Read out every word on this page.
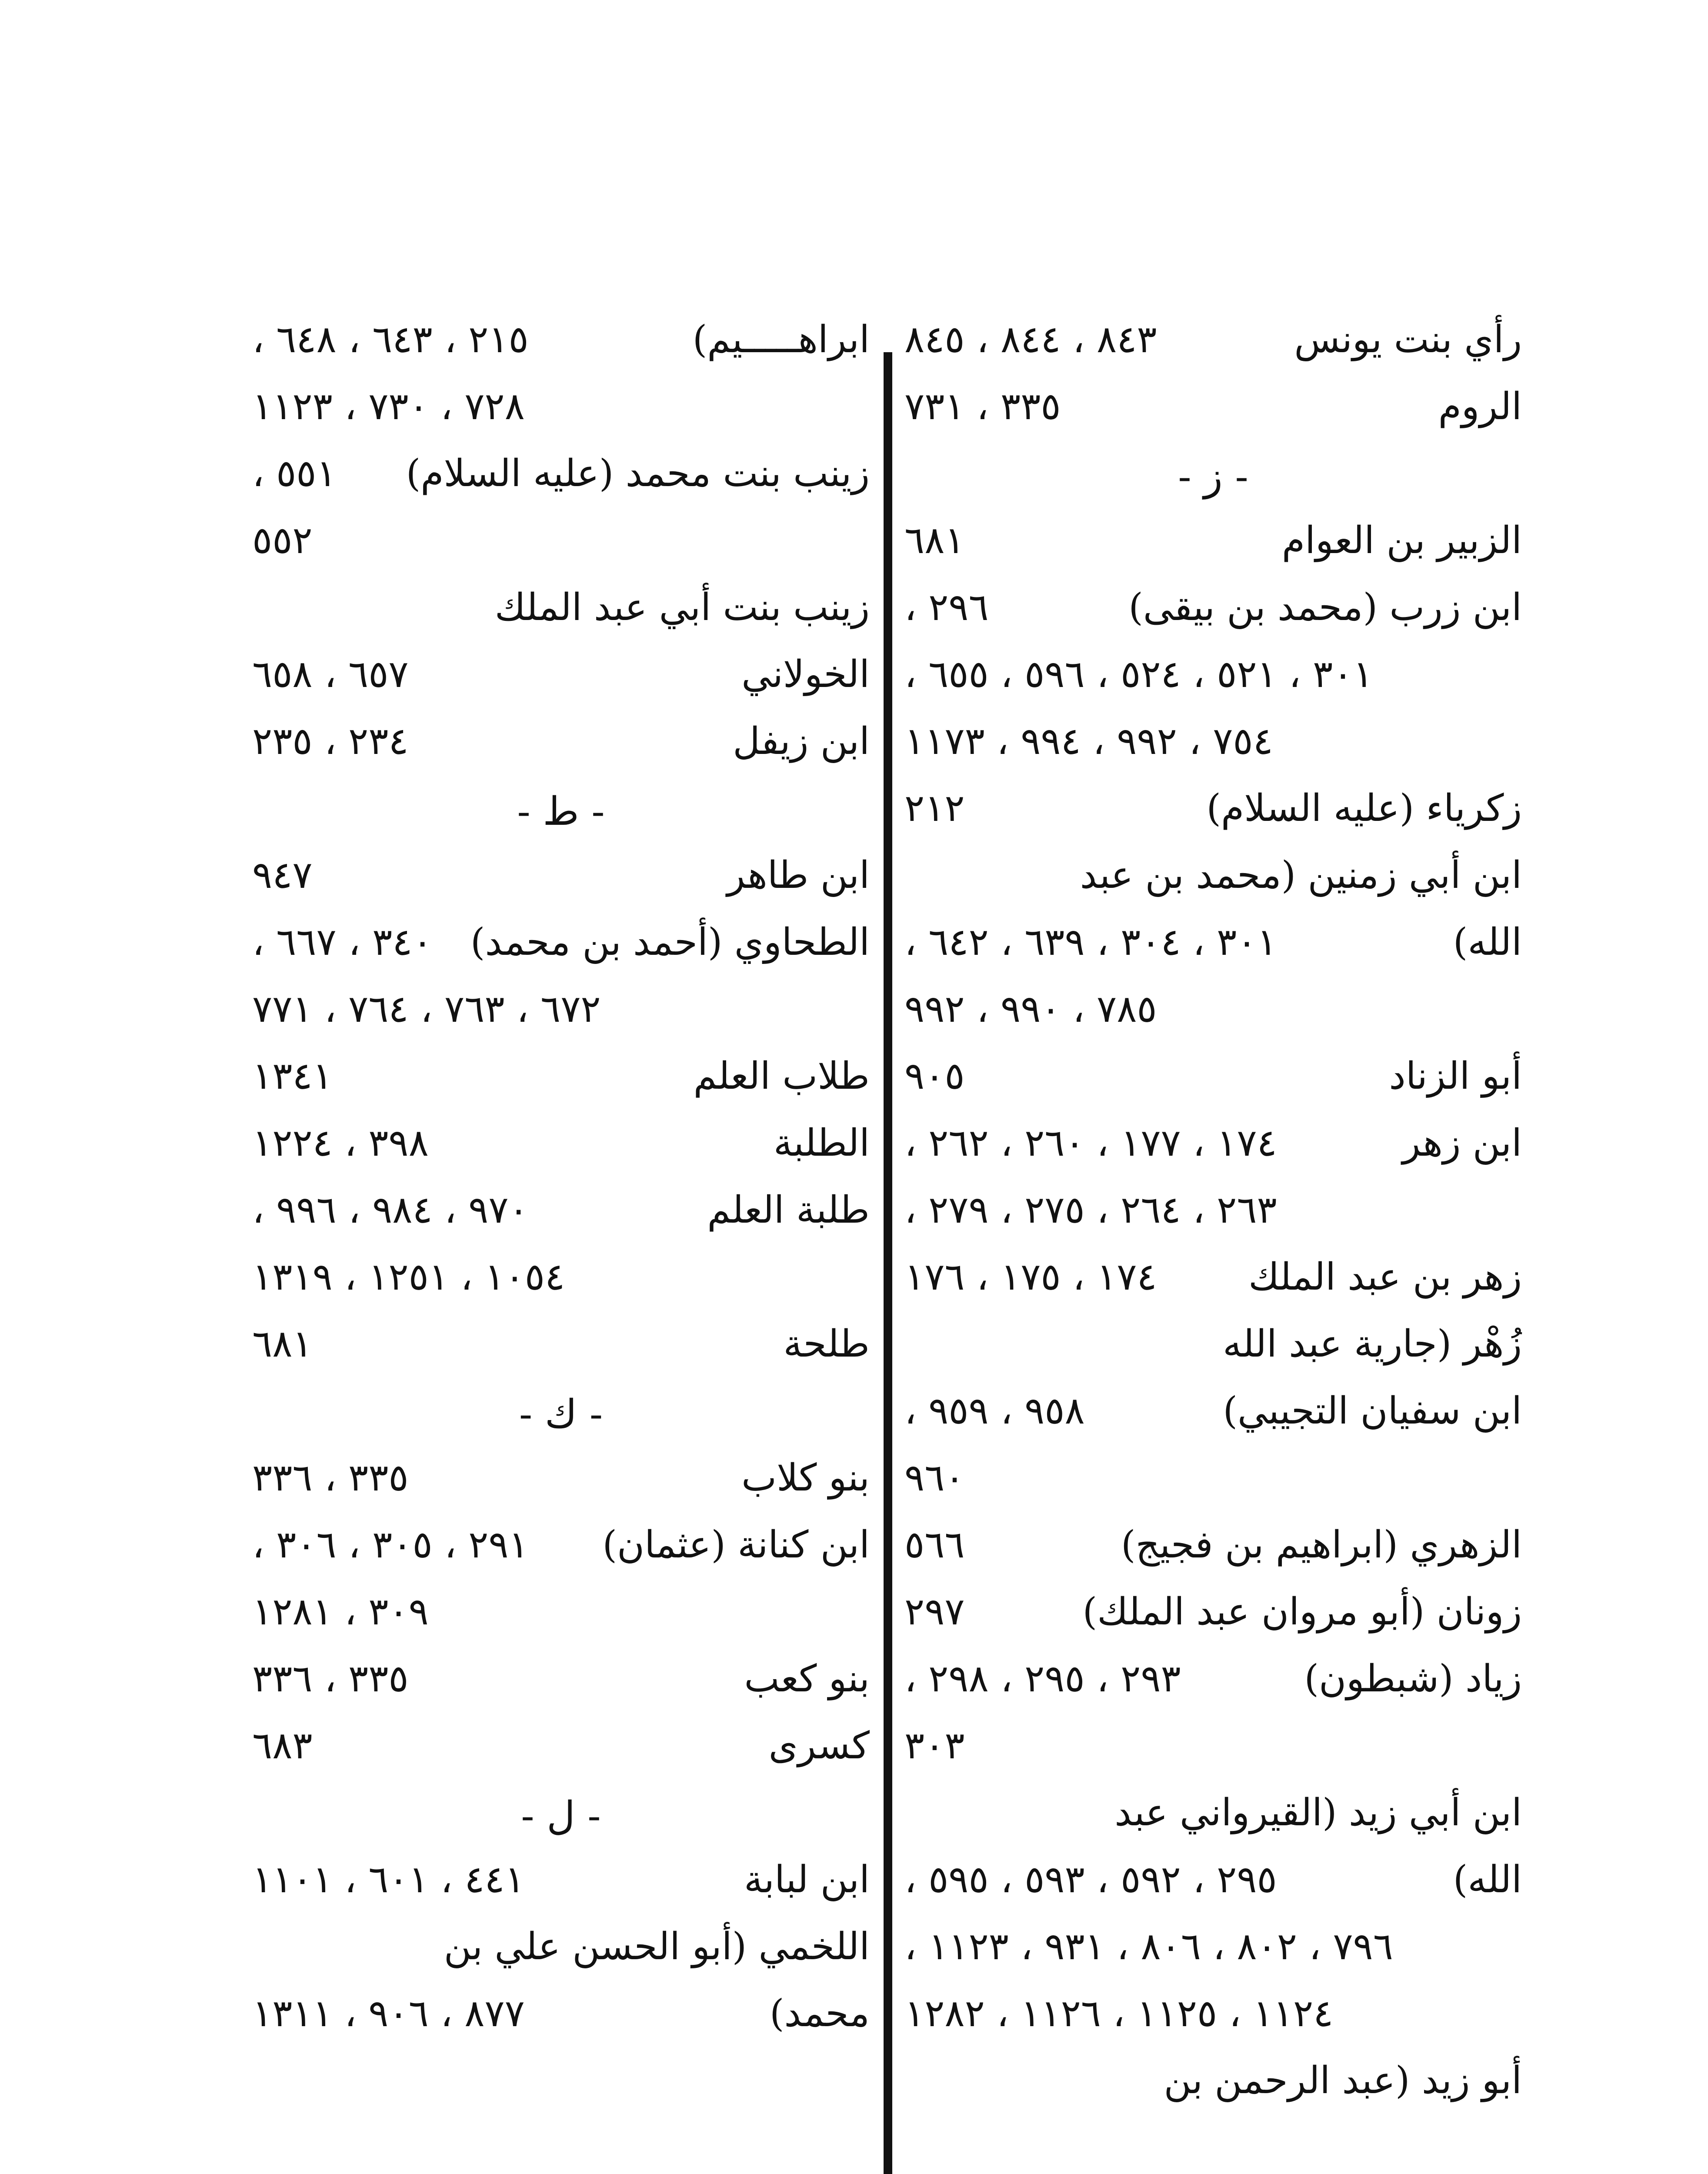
رأي بنت يونس
٨٤٣ ، ٨٤٤ ، ٨٤٥
الروم
٣٣٥ ، ٧٣١
- ز -
الزبير بن العوام
٦٨١
ابن زرب (محمد بن بيقى)
٢٩٦ ،
٣٠١ ، ٥٢١ ، ٥٢٤ ، ٥٩٦ ، ٦٥٥ ،
٧٥٤ ، ٩٩٢ ، ٩٩٤ ، ١١٧٣
زكرياء (عليه السلام)
٢١٢
ابن أبي زمنين (محمد بن عبد
الله)
٣٠١ ، ٣٠٤ ، ٦٣٩ ، ٦٤٢ ،
٧٨٥ ، ٩٩٠ ، ٩٩٢
أبو الزناد
٩٠٥
ابن زهر
١٧٤ ، ١٧٧ ، ٢٦٠ ، ٢٦٢ ،
٢٦٣ ، ٢٦٤ ، ٢٧٥ ، ٢٧٩ ،
زهر بن عبد الملك
١٧٤ ، ١٧٥ ، ١٧٦
زُهْر (جارية عبد الله
ابن سفيان التجيبي)
٩٥٨ ، ٩٥٩ ،
٩٦٠
الزهري (ابراهيم بن فجيج)
٥٦٦
زونان (أبو مروان عبد الملك)
٢٩٧
زياد (شبطون)
٢٩٣ ، ٢٩٥ ، ٢٩٨ ،
٣٠٣
ابن أبي زيد (القيرواني عبد
الله)
٢٩٥ ، ٥٩٢ ، ٥٩٣ ، ٥٩٥ ،
٧٩٦ ، ٨٠٢ ، ٨٠٦ ، ٩٣١ ، ١١٢٣ ،
١١٢٤ ، ١١٢٥ ، ١١٢٦ ، ١٢٨٢
أبو زيد (عبد الرحمن بن
ابراهـــــيم)
٢١٥ ، ٦٤٣ ، ٦٤٨ ،
٧٢٨ ، ٧٣٠ ، ١١٢٣
زينب بنت محمد (عليه السلام)
٥٥١ ،
٥٥٢
زينب بنت أبي عبد الملك
الخولاني
٦٥٧ ، ٦٥٨
ابن زيفل
٢٣٤ ، ٢٣٥
- ط -
ابن طاهر
٩٤٧
الطحاوي (أحمد بن محمد)
٣٤٠ ، ٦٦٧ ،
٦٧٢ ، ٧٦٣ ، ٧٦٤ ، ٧٧١
طلاب العلم
١٣٤١
الطلبة
٣٩٨ ، ١٢٢٤
طلبة العلم
٩٧٠ ، ٩٨٤ ، ٩٩٦ ،
١٠٥٤ ، ١٢٥١ ، ١٣١٩
طلحة
٦٨١
- ك -
بنو كلاب
٣٣٥ ، ٣٣٦
ابن كنانة (عثمان)
٢٩١ ، ٣٠٥ ، ٣٠٦ ،
٣٠٩ ، ١٢٨١
بنو كعب
٣٣٥ ، ٣٣٦
كسرى
٦٨٣
- ل -
ابن لبابة
٤٤١ ، ٦٠١ ، ١١٠١
اللخمي (أبو الحسن علي بن
محمد)
٨٧٧ ، ٩٠٦ ، ١٣١١
